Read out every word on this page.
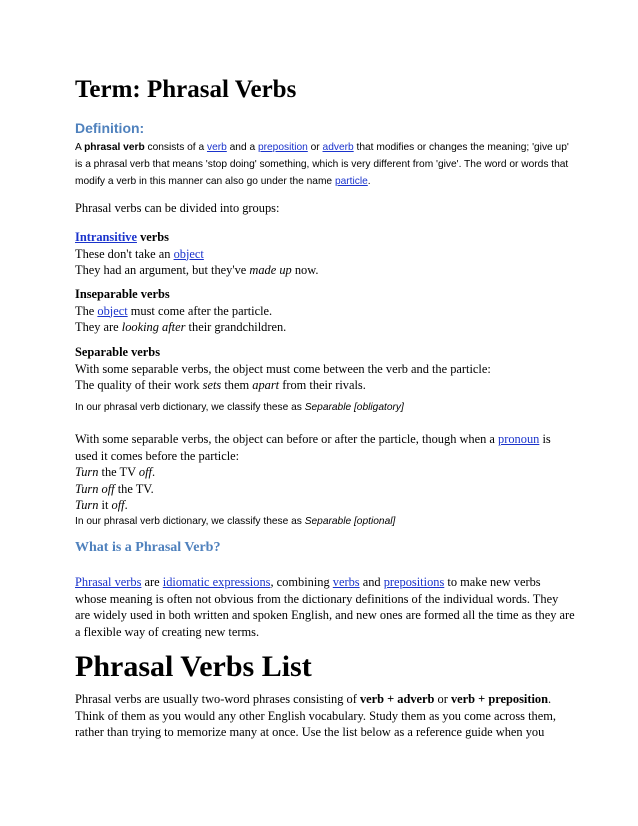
Term: Phrasal Verbs
Definition:

A phrasal verb consists of a verb and a preposition or adverb that modifies or changes the meaning; 'give up' is a phrasal verb that means 'stop doing' something, which is very different from 'give'. The word or words that modify a verb in this manner can also go under the name particle.

Phrasal verbs can be divided into groups:

Intransitive verbs
These don't take an object
They had an argument, but they've made up now.

Inseparable verbs
The object must come after the particle.
They are looking after their grandchildren.

Separable verbs
With some separable verbs, the object must come between the verb and the particle:
The quality of their work sets them apart from their rivals.

In our phrasal verb dictionary, we classify these as Separable [obligatory]

With some separable verbs, the object can before or after the particle, though when a pronoun is used it comes before the particle:
Turn the TV off.
Turn off the TV.
Turn it off.

In our phrasal verb dictionary, we classify these as Separable [optional]

What is a Phrasal Verb?

Phrasal verbs are idiomatic expressions, combining verbs and prepositions to make new verbs whose meaning is often not obvious from the dictionary definitions of the individual words. They are widely used in both written and spoken English, and new ones are formed all the time as they are a flexible way of creating new terms.

Phrasal Verbs List

Phrasal verbs are usually two-word phrases consisting of verb + adverb or verb + preposition. Think of them as you would any other English vocabulary. Study them as you come across them, rather than trying to memorize many at once. Use the list below as a reference guide when you
